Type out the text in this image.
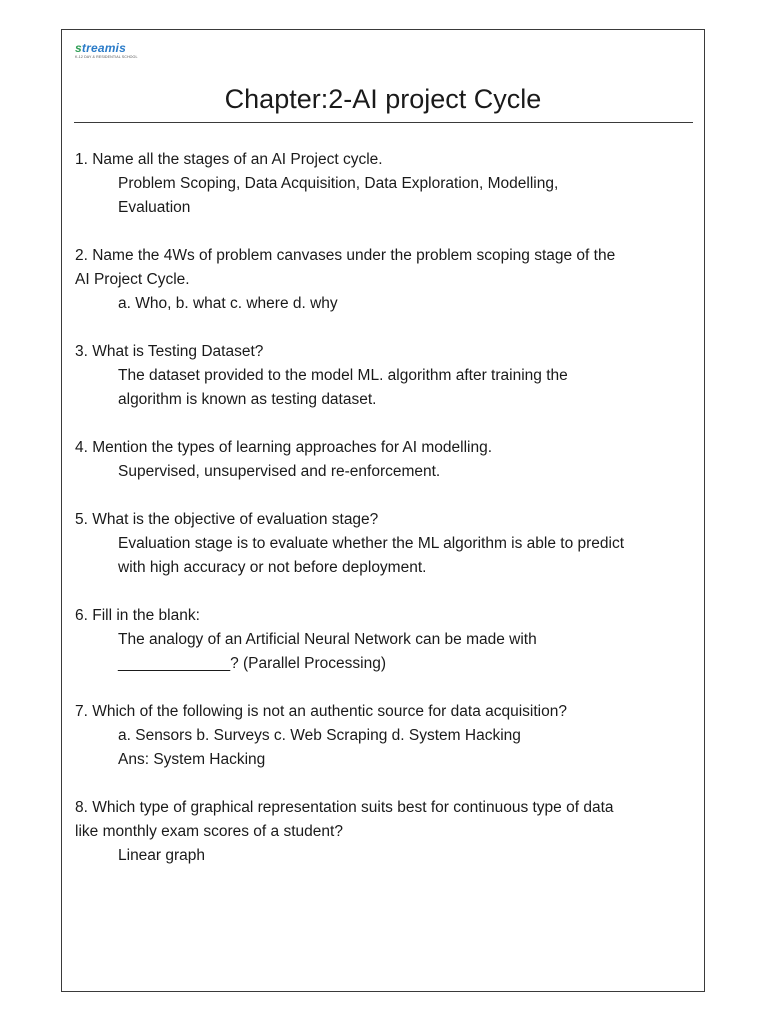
streamis
K-12 DAY & RESIDENTIAL SCHOOL
Chapter:2-AI project Cycle

1. Name all the stages of an AI Project cycle.

Problem Scoping, Data Acquisition, Data Exploration, Modelling,
Evaluation

2. Name the 4Ws of problem canvases under the problem scoping stage of the
AI Project Cycle.

a. Who, b. what c. where d. why

3. What is Testing Dataset?

The dataset provided to the model ML. algorithm after training the
algorithm is known as testing dataset.

4. Mention the types of learning approaches for AI modelling.

Supervised, unsupervised and re-enforcement.

5. What is the objective of evaluation stage?

Evaluation stage is to evaluate whether the ML algorithm is able to predict
with high accuracy or not before deployment.

6. Fill in the blank:

The analogy of an Artificial Neural Network can be made with
_____________? (Parallel Processing)

7. Which of the following is not an authentic source for data acquisition?

a. Sensors b. Surveys c. Web Scraping d. System Hacking
Ans: System Hacking

8. Which type of graphical representation suits best for continuous type of data
like monthly exam scores of a student?

Linear graph
